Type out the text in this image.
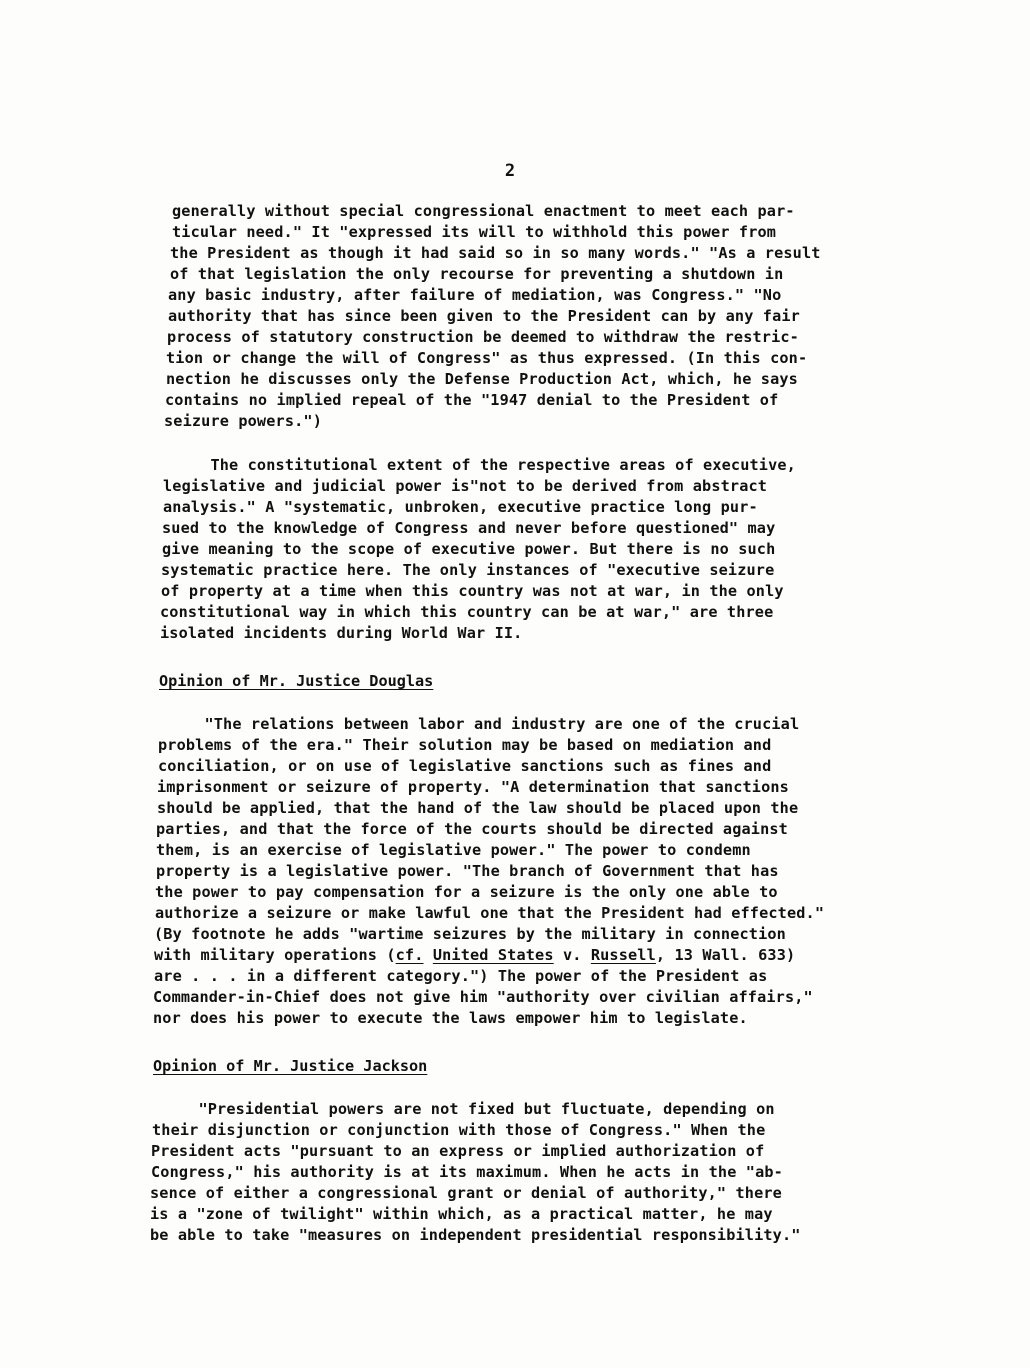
2
generally without special congressional enactment to meet each par-
ticular need." It "expressed its will to withhold this power from
the President as though it had said so in so many words." "As a result
of that legislation the only recourse for preventing a shutdown in
any basic industry, after failure of mediation, was Congress." "No
authority that has since been given to the President can by any fair
process of statutory construction be deemed to withdraw the restric-
tion or change the will of Congress" as thus expressed. (In this con-
nection he discusses only the Defense Production Act, which, he says
contains no implied repeal of the "1947 denial to the President of
seizure powers.")
The constitutional extent of the respective areas of executive,
legislative and judicial power is"not to be derived from abstract
analysis." A "systematic, unbroken, executive practice long pur-
sued to the knowledge of Congress and never before questioned" may
give meaning to the scope of executive power. But there is no such
systematic practice here. The only instances of "executive seizure
of property at a time when this country was not at war, in the only
constitutional way in which this country can be at war," are three
isolated incidents during World War II.
Opinion of Mr. Justice Douglas
"The relations between labor and industry are one of the crucial
problems of the era." Their solution may be based on mediation and
conciliation, or on use of legislative sanctions such as fines and
imprisonment or seizure of property. "A determination that sanctions
should be applied, that the hand of the law should be placed upon the
parties, and that the force of the courts should be directed against
them, is an exercise of legislative power." The power to condemn
property is a legislative power. "The branch of Government that has
the power to pay compensation for a seizure is the only one able to
authorize a seizure or make lawful one that the President had effected."
(By footnote he adds "wartime seizures by the military in connection
with military operations (cf. United States v. Russell, 13 Wall. 633)
are . . . in a different category.") The power of the President as
Commander-in-Chief does not give him "authority over civilian affairs,"
nor does his power to execute the laws empower him to legislate.
Opinion of Mr. Justice Jackson
"Presidential powers are not fixed but fluctuate, depending on
their disjunction or conjunction with those of Congress." When the
President acts "pursuant to an express or implied authorization of
Congress," his authority is at its maximum. When he acts in the "ab-
sence of either a congressional grant or denial of authority," there
is a "zone of twilight" within which, as a practical matter, he may
be able to take "measures on independent presidential responsibility."
